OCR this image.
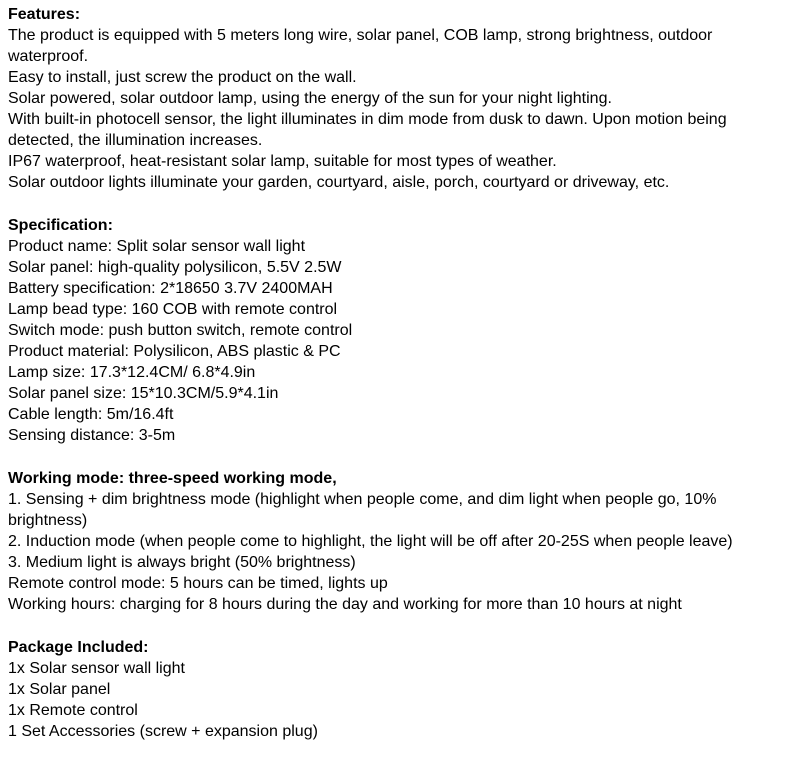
Features:

The product is equipped with 5 meters long wire, solar panel, COB lamp, strong brightness, outdoor waterproof.

Easy to install, just screw the product on the wall.

Solar powered, solar outdoor lamp, using the energy of the sun for your night lighting.

With built-in photocell sensor, the light illuminates in dim mode from dusk to dawn. Upon motion being detected, the illumination increases.

IP67 waterproof, heat-resistant solar lamp, suitable for most types of weather.

Solar outdoor lights illuminate your garden, courtyard, aisle, porch, courtyard or driveway, etc.

Specification:

Product name: Split solar sensor wall light

Solar panel: high-quality polysilicon, 5.5V 2.5W

Battery specification: 2*18650 3.7V 2400MAH

Lamp bead type: 160 COB with remote control

Switch mode: push button switch, remote control

Product material: Polysilicon, ABS plastic & PC

Lamp size: 17.3*12.4CM/ 6.8*4.9in

Solar panel size: 15*10.3CM/5.9*4.1in

Cable length: 5m/16.4ft

Sensing distance: 3-5m

Working mode: three-speed working mode,

1. Sensing + dim brightness mode (highlight when people come, and dim light when people go, 10% brightness)

2. Induction mode (when people come to highlight, the light will be off after 20-25S when people leave)

3. Medium light is always bright (50% brightness)

Remote control mode: 5 hours can be timed, lights up

Working hours: charging for 8 hours during the day and working for more than 10 hours at night

Package Included:

1x Solar sensor wall light

1x Solar panel

1x Remote control

1 Set Accessories (screw + expansion plug)
